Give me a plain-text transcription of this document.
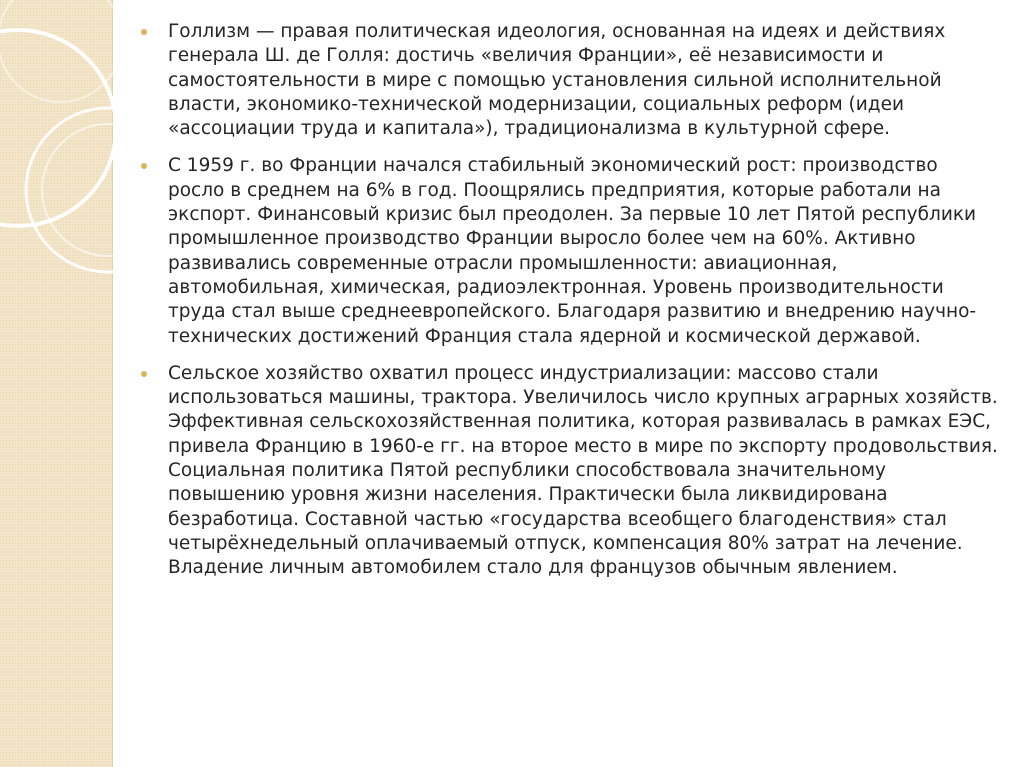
Голлизм — правая политическая идеология, основанная на идеях и действиях генерала Ш. де Голля: достичь «величия Франции», её независимости и самостоятельности в мире с помощью установления сильной исполнительной власти, экономико-технической модернизации, социальных реформ (идеи «ассоциации труда и капитала»), традиционализма в культурной сфере.
С 1959 г. во Франции начался стабильный экономический рост: производство росло в среднем на 6% в год. Поощрялись предприятия, которые работали на экспорт. Финансовый кризис был преодолен. За первые 10 лет Пятой республики промышленное производство Франции выросло более чем на 60%. Активно развивались современные отрасли промышленности: авиационная, автомобильная, химическая, радиоэлектронная. Уровень производительности труда стал выше среднеевропейского. Благодаря развитию и внедрению научно-технических достижений Франция стала ядерной и космической державой.
Сельское хозяйство охватил процесс индустриализации: массово стали использоваться машины, трактора. Увеличилось число крупных аграрных хозяйств. Эффективная сельскохозяйственная политика, которая развивалась в рамках ЕЭС, привела Францию в 1960-е гг. на второе место в мире по экспорту продовольствия. Социальная политика Пятой республики способствовала значительному повышению уровня жизни населения. Практически была ликвидирована безработица. Составной частью «государства всеобщего благоденствия» стал четырёхнедельный оплачиваемый отпуск, компенсация 80% затрат на лечение. Владение личным автомобилем стало для французов обычным явлением.
